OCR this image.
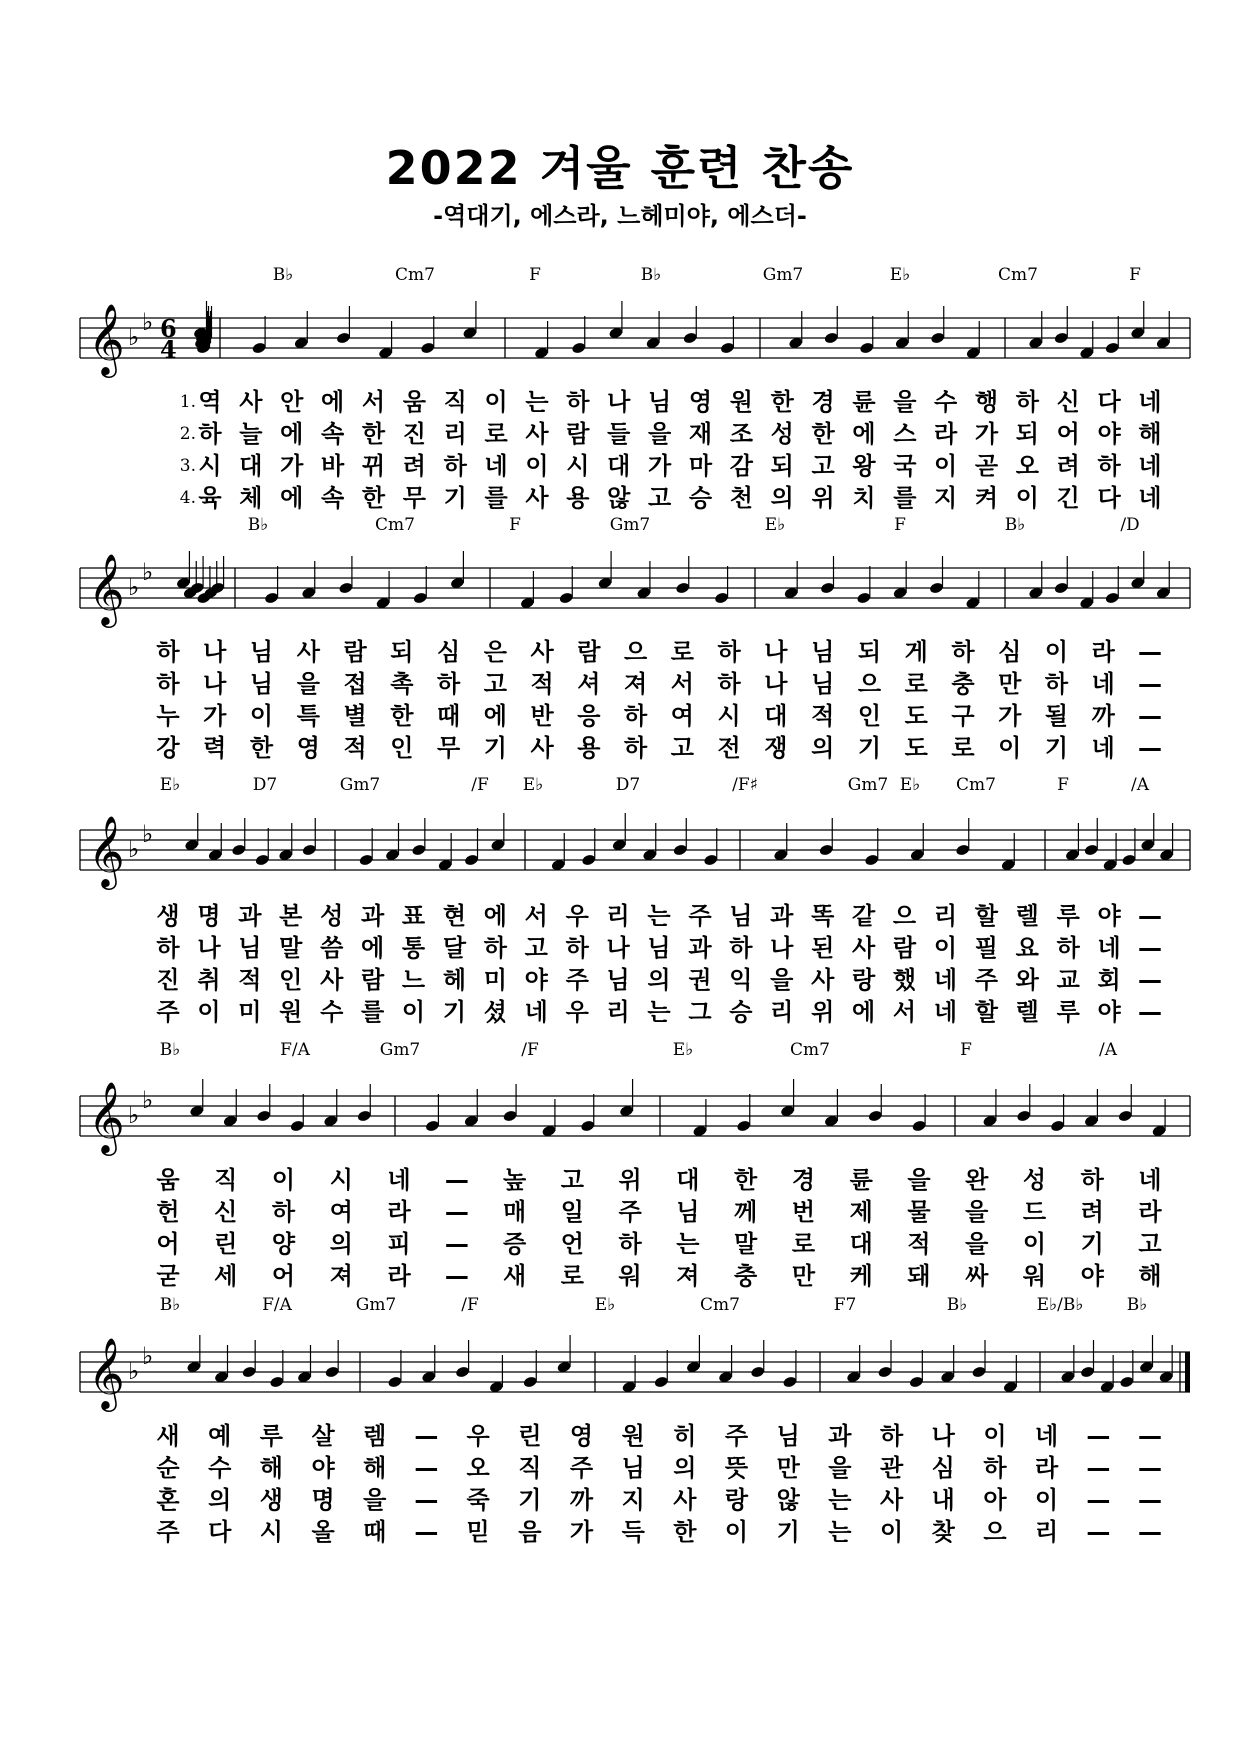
2022 겨울 훈련 찬송
-역대기, 에스라, 느헤미야, 에스더-
𝄞 ♭
♭ 6
4
B♭	Cm7	F	B♭	Gm7	E♭	Cm7	F
1. 역 사 안 에 서 움 직 이 는 하 나 님 영 원 한 경 륜 을 수 행 하 신 다 네
2. 하 늘 에 속 한 진 리 로 사 람 들 을 재 조 성 한 에 스 라 가 되 어 야 해
3. 시 대 가 바 뀌 려 하 네 이 시 대 가 마 감 되 고 왕 국 이 곧 오 려 하 네
4. 육 체 에 속 한 무 기 를 사 용 않 고 승 천 의 위 치 를 지 켜 이 긴 다 네
𝄞 ♭
♭
B♭	Cm7	F	Gm7	E♭	F	B♭	/D
하 나 님 사 람 되 심 은 사 람 으 로 하 나 님 되 게 하 심 이 라 —
하 나 님 을 접 촉 하 고 적 셔 져 서 하 나 님 으 로 충 만 하 네 —
누 가 이 특 별 한 때 에 반 응 하 여 시 대 적 인 도 구 가 될 까 —
강 력 한 영 적 인 무 기 사 용 하 고 전 쟁 의 기 도 로 이 기 네 —
𝄞 ♭
♭
E♭	D7	Gm7	/F E♭	D7	/F♯	Gm7 E♭ Cm7	F	/A
생 명 과 본 성 과 표 현 에 서 우 리 는 주 님 과 똑 같 으 리 할 렐 루 야 —
하 나 님 말 씀 에 통 달 하 고 하 나 님 과 하 나 된 사 람 이 필 요 하 네 —
진 취 적 인 사 람 느 헤 미 야 주 님 의 권 익 을 사 랑 했 네 주 와 교 회 —
주 이 미 원 수 를 이 기 셨 네 우 리 는 그 승 리 위 에 서 네 할 렐 루 야 —
𝄞 ♭
♭
B♭	F/A	Gm7	/F	E♭	Cm7	F	/A
움 직 이 시 네 — 높 고 위 대 한 경 륜 을 완 성 하 네
헌 신 하 여 라 — 매 일 주 님 께 번 제 물 을 드 려 라
어 린 양 의 피 — 증 언 하 는 말 로 대 적 을 이 기 고
굳 세 어 져 라 — 새 로 워 져 충 만 케 돼 싸 워 야 해
𝄞 ♭
♭
B♭	F/A	Gm7	/F	E♭	Cm7	F7	B♭	E♭/B♭	B♭
새 예 루 살 렘 — 우 린 영 원 히 주 님 과 하 나 이 네 — —
순 수 해 야 해 — 오 직 주 님 의 뜻 만 을 관 심 하 라 — —
혼 의 생 명 을 — 죽 기 까 지 사 랑 않 는 사 내 아 이 — —
주 다 시 올 때 — 믿 음 가 득 한 이 기 는 이 찾 으 리 — —
